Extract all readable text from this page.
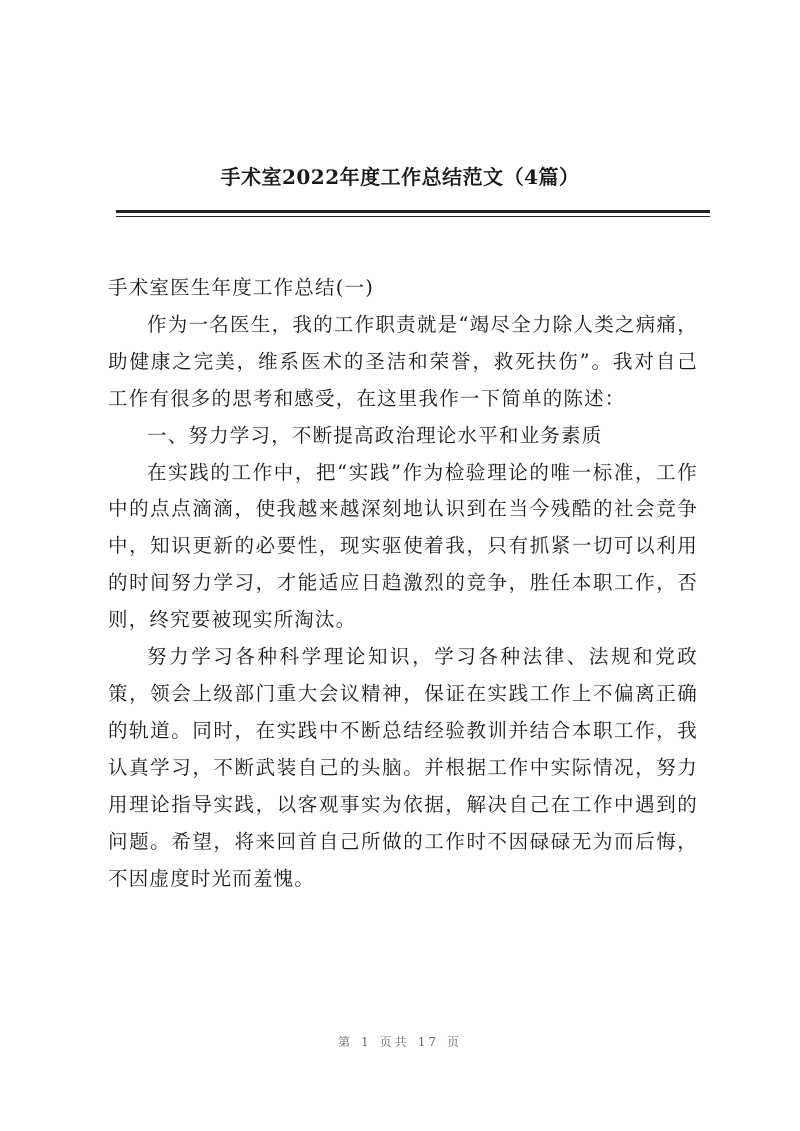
手术室2022年度工作总结范文（4篇）

手术室医生年度工作总结(一)

作为一名医生，我的工作职责就是“竭尽全力除人类之病痛，助健康之完美，维系医术的圣洁和荣誉，救死扶伤”。我对自己工作有很多的思考和感受，在这里我作一下简单的陈述：

一、努力学习，不断提高政治理论水平和业务素质

在实践的工作中，把“实践”作为检验理论的唯一标准，工作中的点点滴滴，使我越来越深刻地认识到在当今残酷的社会竞争中，知识更新的必要性，现实驱使着我，只有抓紧一切可以利用的时间努力学习，才能适应日趋激烈的竞争，胜任本职工作，否则，终究要被现实所淘汰。

努力学习各种科学理论知识，学习各种法律、法规和党政策，领会上级部门重大会议精神，保证在实践工作上不偏离正确的轨道。同时，在实践中不断总结经验教训并结合本职工作，我认真学习，不断武装自己的头脑。并根据工作中实际情况，努力用理论指导实践，以客观事实为依据，解决自己在工作中遇到的问题。希望，将来回首自己所做的工作时不因碌碌无为而后悔，不因虚度时光而羞愧。

第 1 页共 17 页
